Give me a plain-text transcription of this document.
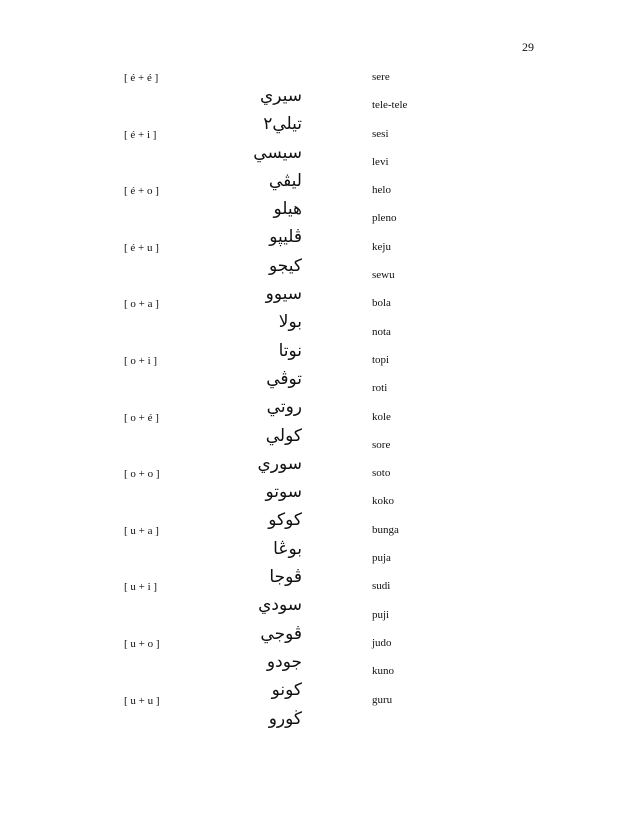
29
[ é + é ]
[ é + i ]
[ é + o ]
[ é + u ]
[ o + a ]
[ o + i ]
[ o + é ]
[ o + o ]
[ u + a ]
[ u + i ]
[ u + o ]
[ u + u ]
سيري
تيلي٢
سيسي
ليڤي
هيلو
ڤليڽو
كيجو
سيوو
بولا
نوتا
توڤي
روتي
كولي
سوري
سوتو
كوكو
بوڠا
ڤوجا
سودي
ڤوجي
جودو
كونو
ڬورو
sere
tele-tele
sesi
levi
helo
pleno
keju
sewu
bola
nota
topi
roti
kole
sore
soto
koko
bunga
puja
sudi
puji
judo
kuno
guru
